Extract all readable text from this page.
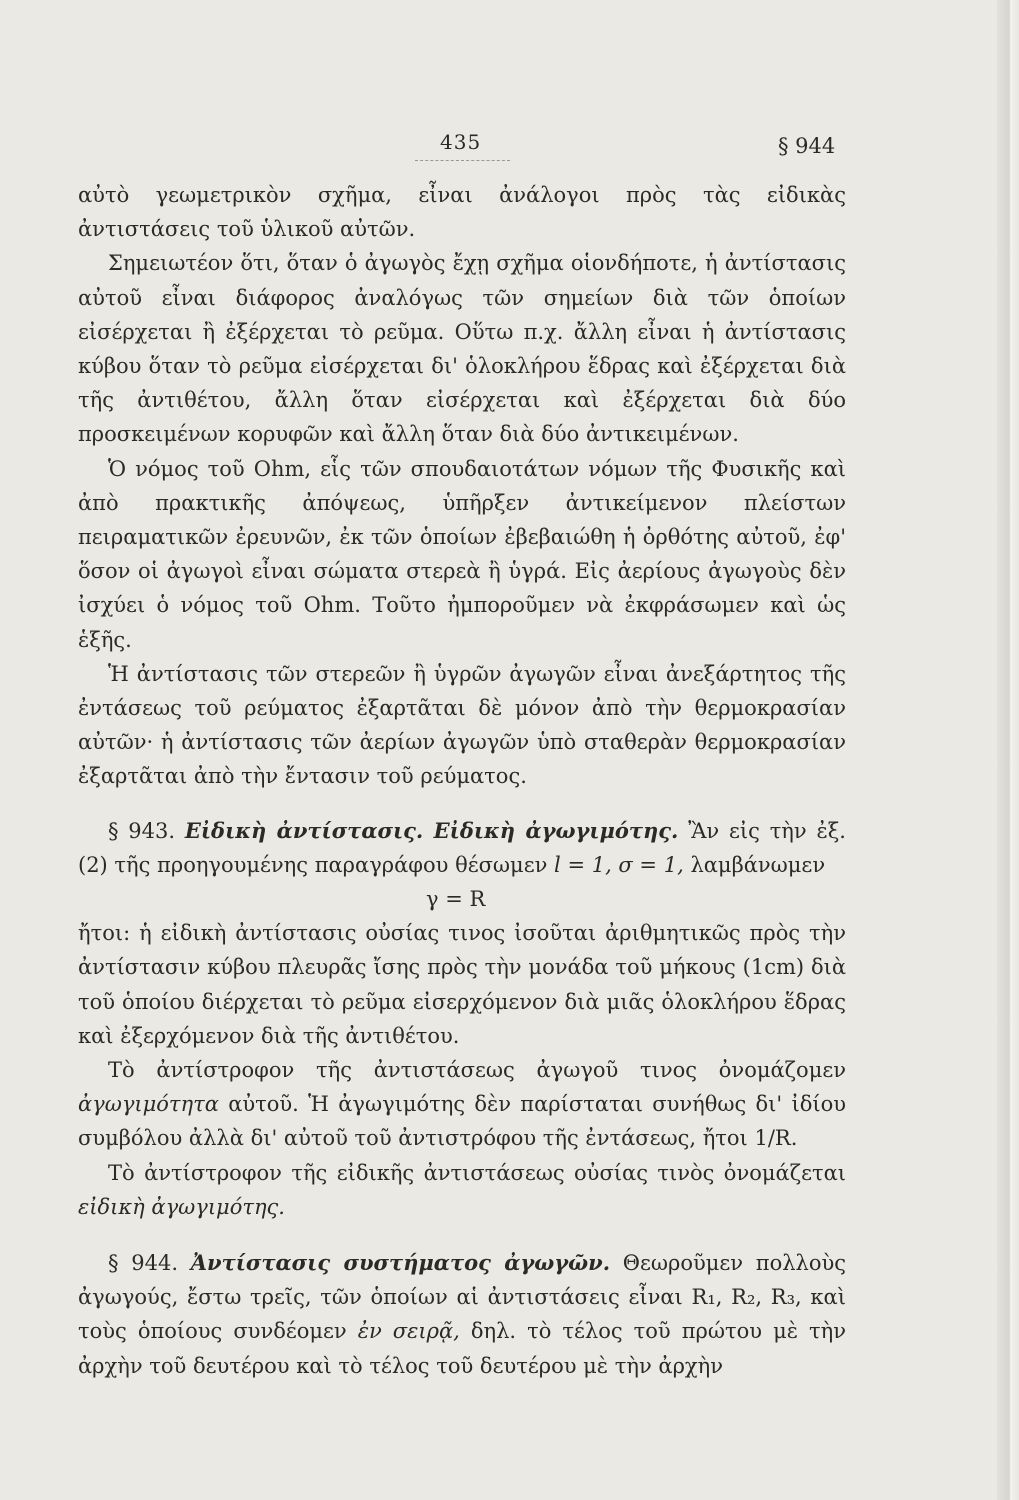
435	§ 944

αὐτὸ γεωμετρικὸν σχῆμα, εἶναι ἀνάλογοι πρὸς τὰς εἰδικὰς ἀντιστάσεις τοῦ ὑλικοῦ αὐτῶν.

Σημειωτέον ὅτι, ὅταν ὁ ἀγωγὸς ἔχῃ σχῆμα οἱονδήποτε, ἡ ἀντίστασις αὐτοῦ εἶναι διάφορος ἀναλόγως τῶν σημείων διὰ τῶν ὁποίων εἰσέρχεται ἢ ἐξέρχεται τὸ ρεῦμα. Οὕτω π.χ. ἄλλη εἶναι ἡ ἀντίστασις κύβου ὅταν τὸ ρεῦμα εἰσέρχεται δι' ὁλοκλήρου ἕδρας καὶ ἐξέρχεται διὰ τῆς ἀντιθέτου, ἄλλη ὅταν εἰσέρχεται καὶ ἐξέρχεται διὰ δύο προσκειμένων κορυφῶν καὶ ἄλλη ὅταν διὰ δύο ἀντικειμένων.

Ὁ νόμος τοῦ Ohm, εἷς τῶν σπουδαιοτάτων νόμων τῆς Φυσικῆς καὶ ἀπὸ πρακτικῆς ἀπόψεως, ὑπῆρξεν ἀντικείμενον πλείστων πειραματικῶν ἐρευνῶν, ἐκ τῶν ὁποίων ἐβεβαιώθη ἡ ὀρθότης αὐτοῦ, ἐφ' ὅσον οἱ ἀγωγοὶ εἶναι σώματα στερεὰ ἢ ὑγρά. Εἰς ἀερίους ἀγωγοὺς δὲν ἰσχύει ὁ νόμος τοῦ Ohm. Τοῦτο ἠμποροῦμεν νὰ ἐκφράσωμεν καὶ ὡς ἑξῆς.

Ἡ ἀντίστασις τῶν στερεῶν ἢ ὑγρῶν ἀγωγῶν εἶναι ἀνεξάρτητος τῆς ἐντάσεως τοῦ ρεύματος ἐξαρτᾶται δὲ μόνον ἀπὸ τὴν θερμοκρασίαν αὐτῶν· ἡ ἀντίστασις τῶν ἀερίων ἀγωγῶν ὑπὸ σταθερὰν θερμοκρασίαν ἐξαρτᾶται ἀπὸ τὴν ἔντασιν τοῦ ρεύματος.

§ 943. Εἰδικὴ ἀντίστασις. Εἰδικὴ ἀγωγιμότης. Ἂν εἰς τὴν ἐξ. (2) τῆς προηγουμένης παραγράφου θέσωμεν l = 1, σ = 1, λαμβάνωμεν

γ = R

ἤτοι: ἡ εἰδικὴ ἀντίστασις οὐσίας τινος ἰσοῦται ἀριθμητικῶς πρὸς τὴν ἀντίστασιν κύβου πλευρᾶς ἴσης πρὸς τὴν μονάδα τοῦ μήκους (1cm) διὰ τοῦ ὁποίου διέρχεται τὸ ρεῦμα εἰσερχόμενον διὰ μιᾶς ὁλοκλήρου ἕδρας καὶ ἐξερχόμενον διὰ τῆς ἀντιθέτου.

Τὸ ἀντίστροφον τῆς ἀντιστάσεως ἀγωγοῦ τινος ὀνομάζομεν ἀγωγιμότητα αὐτοῦ. Ἡ ἀγωγιμότης δὲν παρίσταται συνήθως δι' ἰδίου συμβόλου ἀλλὰ δι' αὐτοῦ τοῦ ἀντιστρόφου τῆς ἐντάσεως, ἤτοι 1/R.

Τὸ ἀντίστροφον τῆς εἰδικῆς ἀντιστάσεως οὐσίας τινὸς ὀνομάζεται εἰδικὴ ἀγωγιμότης.

§ 944. Ἀντίστασις συστήματος ἀγωγῶν. Θεωροῦμεν πολλοὺς ἀγωγούς, ἔστω τρεῖς, τῶν ὁποίων αἱ ἀντιστάσεις εἶναι R₁, R₂, R₃, καὶ τοὺς ὁποίους συνδέομεν ἐν σειρᾷ, δηλ. τὸ τέλος τοῦ πρώτου μὲ τὴν ἀρχὴν τοῦ δευτέρου καὶ τὸ τέλος τοῦ δευτέρου μὲ τὴν ἀρχὴν
